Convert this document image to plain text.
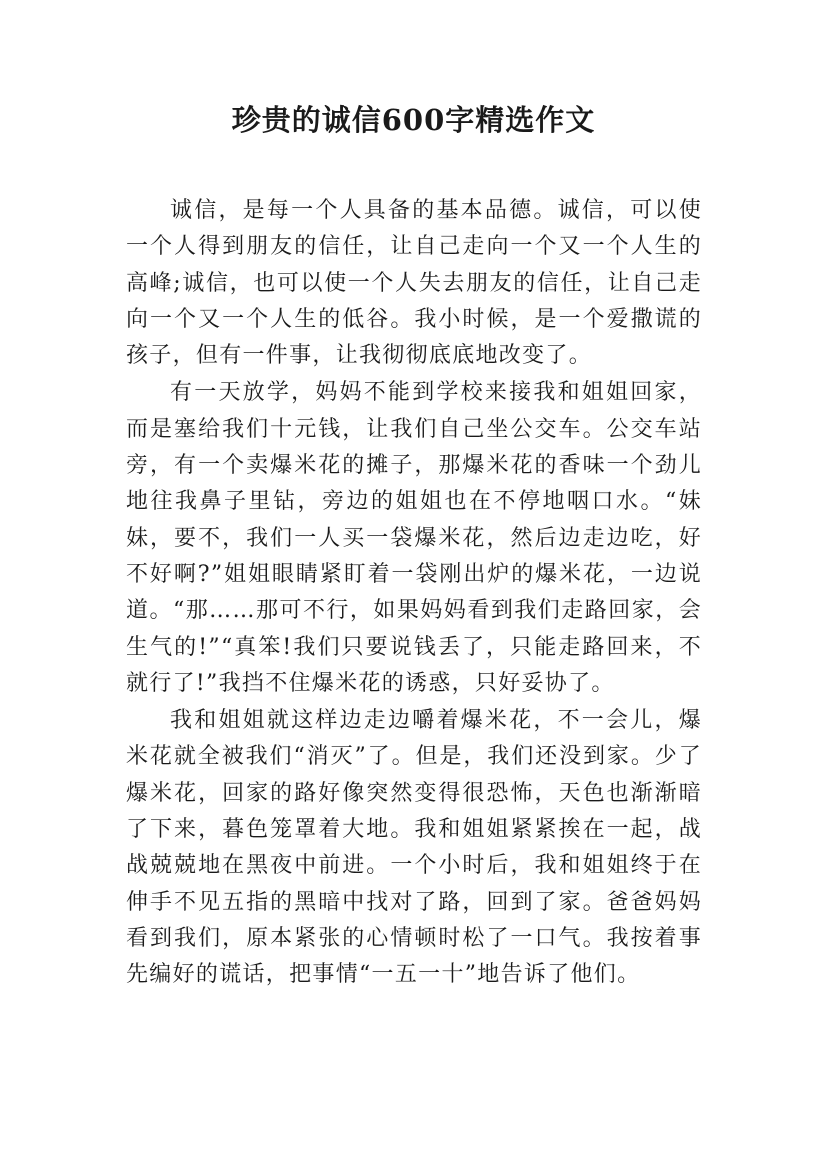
珍贵的诚信600字精选作文

诚信，是每一个人具备的基本品德。诚信，可以使一个人得到朋友的信任，让自己走向一个又一个人生的高峰;诚信，也可以使一个人失去朋友的信任，让自己走向一个又一个人生的低谷。我小时候，是一个爱撒谎的孩子，但有一件事，让我彻彻底底地改变了。

有一天放学，妈妈不能到学校来接我和姐姐回家，而是塞给我们十元钱，让我们自己坐公交车。公交车站旁，有一个卖爆米花的摊子，那爆米花的香味一个劲儿地往我鼻子里钻，旁边的姐姐也在不停地咽口水。“妹妹，要不，我们一人买一袋爆米花，然后边走边吃，好不好啊?”姐姐眼睛紧盯着一袋刚出炉的爆米花，一边说道。“那……那可不行，如果妈妈看到我们走路回家，会生气的!”“真笨!我们只要说钱丢了，只能走路回来，不就行了!”我挡不住爆米花的诱惑，只好妥协了。

我和姐姐就这样边走边嚼着爆米花，不一会儿，爆米花就全被我们“消灭”了。但是，我们还没到家。少了爆米花，回家的路好像突然变得很恐怖，天色也渐渐暗了下来，暮色笼罩着大地。我和姐姐紧紧挨在一起，战战兢兢地在黑夜中前进。一个小时后，我和姐姐终于在伸手不见五指的黑暗中找对了路，回到了家。爸爸妈妈看到我们，原本紧张的心情顿时松了一口气。我按着事先编好的谎话，把事情“一五一十”地告诉了他们。
